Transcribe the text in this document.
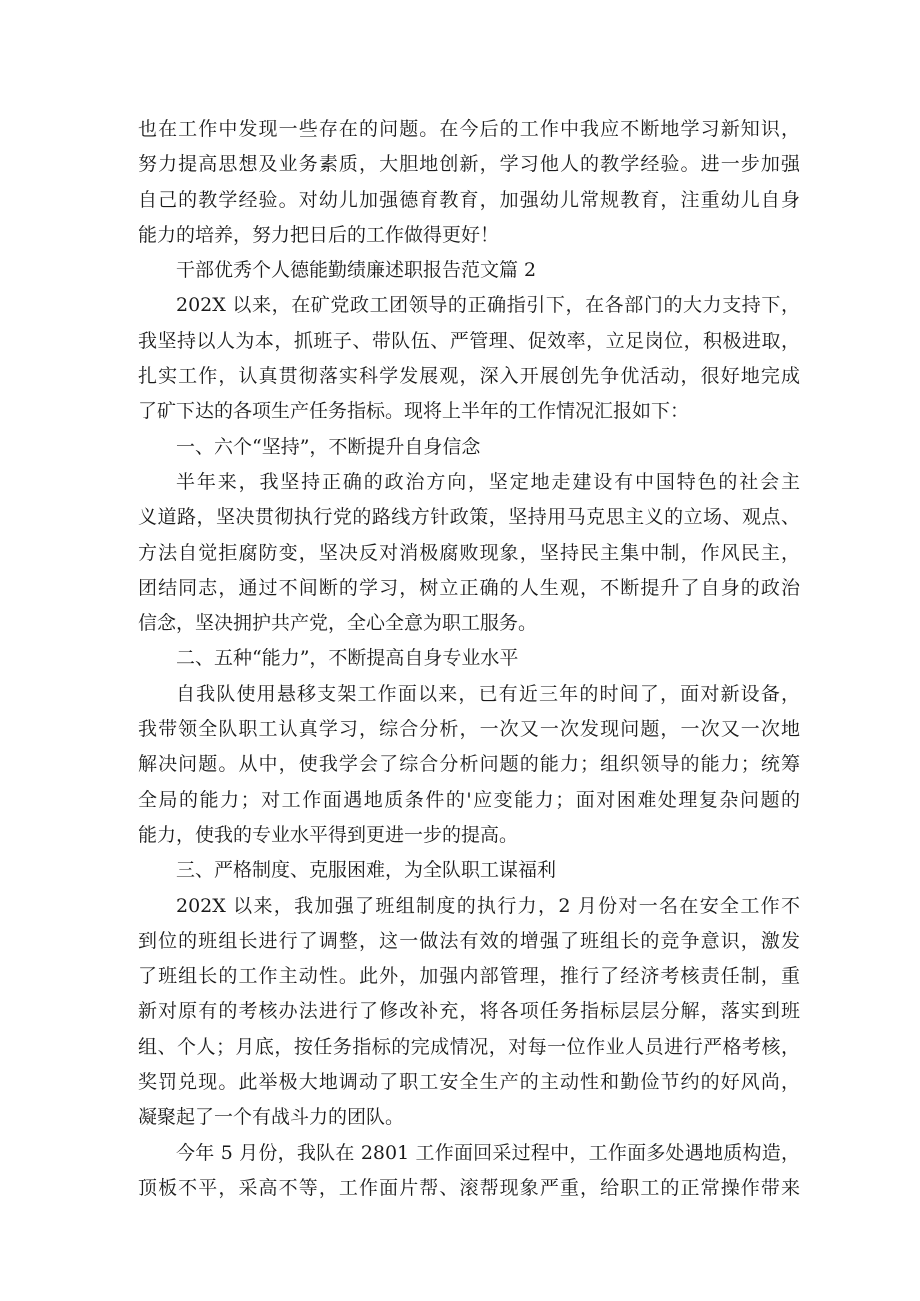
也在工作中发现一些存在的问题。在今后的工作中我应不断地学习新知识，
努力提高思想及业务素质，大胆地创新，学习他人的教学经验。进一步加强
自己的教学经验。对幼儿加强德育教育，加强幼儿常规教育，注重幼儿自身
能力的培养，努力把日后的工作做得更好！
干部优秀个人德能勤绩廉述职报告范文篇 2
202X 以来，在矿党政工团领导的正确指引下，在各部门的大力支持下，
我坚持以人为本，抓班子、带队伍、严管理、促效率，立足岗位，积极进取，
扎实工作，认真贯彻落实科学发展观，深入开展创先争优活动，很好地完成
了矿下达的各项生产任务指标。现将上半年的工作情况汇报如下：
一、六个“坚持”，不断提升自身信念
半年来，我坚持正确的政治方向，坚定地走建设有中国特色的社会主
义道路，坚决贯彻执行党的路线方针政策，坚持用马克思主义的立场、观点、
方法自觉拒腐防变，坚决反对消极腐败现象，坚持民主集中制，作风民主，
团结同志，通过不间断的学习，树立正确的人生观，不断提升了自身的政治
信念，坚决拥护共产党，全心全意为职工服务。
二、五种“能力”，不断提高自身专业水平
自我队使用悬移支架工作面以来，已有近三年的时间了，面对新设备，
我带领全队职工认真学习，综合分析，一次又一次发现问题，一次又一次地
解决问题。从中，使我学会了综合分析问题的能力；组织领导的能力；统筹
全局的能力；对工作面遇地质条件的'应变能力；面对困难处理复杂问题的
能力，使我的专业水平得到更进一步的提高。
三、严格制度、克服困难，为全队职工谋福利
202X 以来，我加强了班组制度的执行力，2 月份对一名在安全工作不
到位的班组长进行了调整，这一做法有效的增强了班组长的竞争意识，激发
了班组长的工作主动性。此外，加强内部管理，推行了经济考核责任制，重
新对原有的考核办法进行了修改补充，将各项任务指标层层分解，落实到班
组、个人；月底，按任务指标的完成情况，对每一位作业人员进行严格考核，
奖罚兑现。此举极大地调动了职工安全生产的主动性和勤俭节约的好风尚，
凝聚起了一个有战斗力的团队。
今年 5 月份，我队在 2801 工作面回采过程中，工作面多处遇地质构造，
顶板不平，采高不等，工作面片帮、滚帮现象严重，给职工的正常操作带来
